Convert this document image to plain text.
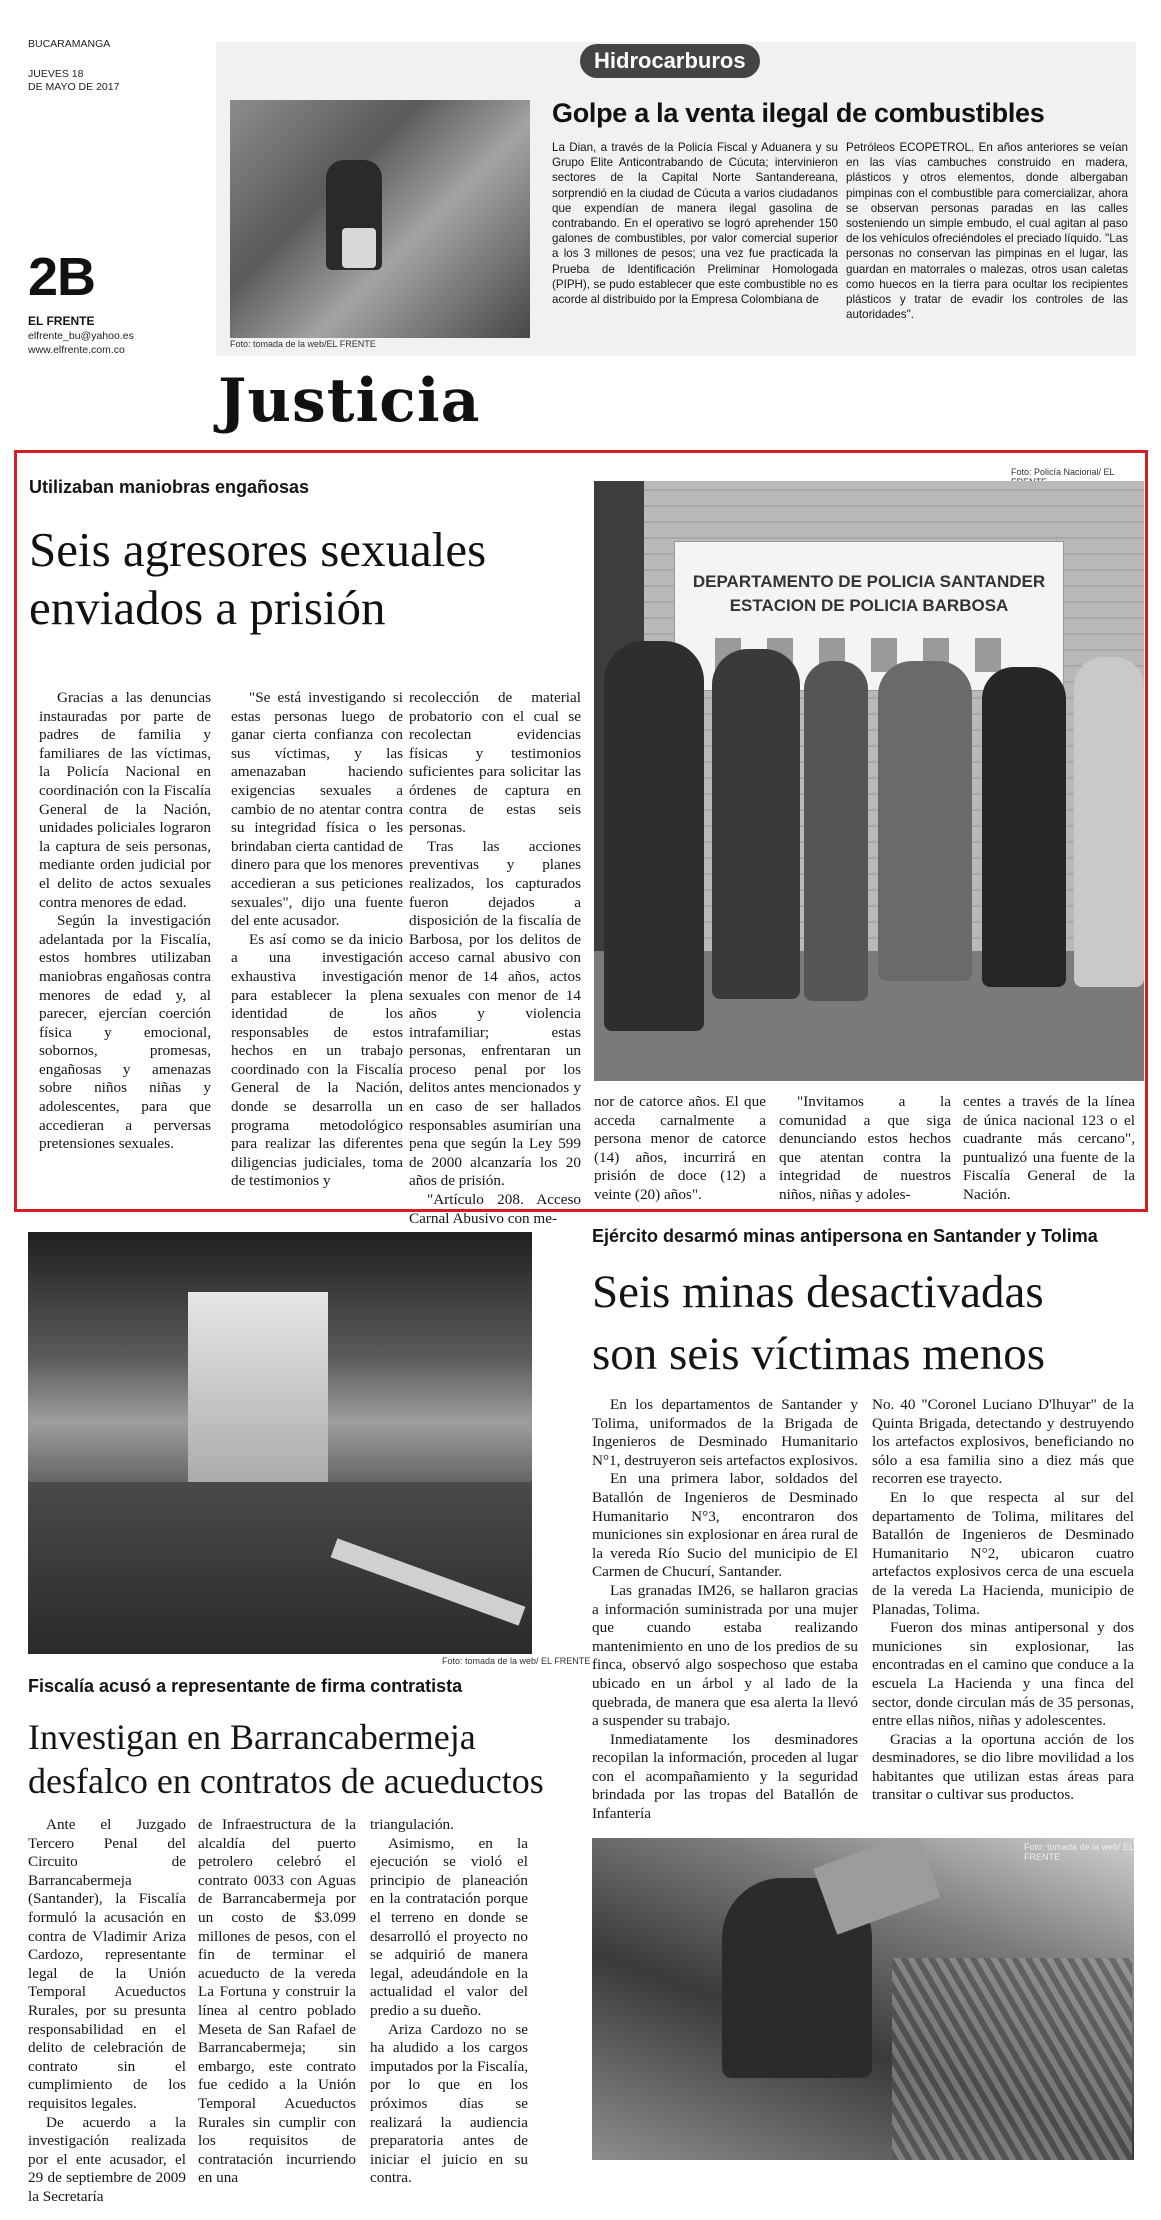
BUCARAMANGA
JUEVES 18
DE MAYO DE 2017
2B
EL FRENTE
elfrente_bu@yahoo.es
www.elfrente.com.co
Hidrocarburos
Foto: tomada de la web/EL FRENTE
Golpe a la venta ilegal de combustibles
La Dian, a través de la Policía Fiscal y Aduanera y su Grupo Elite Anticontrabando de Cúcuta; intervinieron sectores de la Capital Norte Santandereana, sorprendió en la ciudad de Cúcuta a varios ciudadanos que expendían de manera ilegal gasolina de contrabando. En el operativo se logró aprehender 150 galones de combustibles, por valor comercial superior a los 3 millones de pesos; una vez fue practicada la Prueba de Identificación Preliminar Homologada (PIPH), se pudo establecer que este combustible no es acorde al distribuido por la Empresa Colombiana de
Petróleos ECOPETROL. En años anteriores se veían en las vías cambuches construido en madera, plásticos y otros elementos, donde albergaban pimpinas con el combustible para comercializar, ahora se observan personas paradas en las calles sosteniendo un simple embudo, el cual agitan al paso de los vehículos ofreciéndoles el preciado líquido. "Las personas no conservan las pimpinas en el lugar, las guardan en matorrales o malezas, otros usan caletas como huecos en la tierra para ocultar los recipientes plásticos y tratar de evadir los controles de las autoridades".
Justicia
Utilizaban maniobras engañosas
Seis agresores sexuales
enviados a prisión
Foto: Policía Nacional/ EL
DEPARTAMENTO DE POLICIA SANTANDER
ESTACION DE POLICIA BARBOSA

Gracias a las denuncias instauradas por parte de padres de familia y familiares de las víctimas, la Policía Nacional en coordinación con la Fiscalía General de la Nación, unidades policiales lograron la captura de seis personas, mediante orden judicial por el delito de actos sexuales contra menores de edad.

Según la investigación adelantada por la Fiscalía, estos hombres utilizaban maniobras engañosas contra menores de edad y, al parecer, ejercían coerción física y emocional, sobornos, promesas, engañosas y amenazas sobre niños niñas y adolescentes, para que accedieran a perversas pretensiones sexuales.

"Se está investigando si estas personas luego de ganar cierta confianza con sus víctimas, y las amenazaban haciendo exigencias sexuales a cambio de no atentar contra su integridad física o les brindaban cierta cantidad de dinero para que los menores accedieran a sus peticiones sexuales", dijo una fuente del ente acusador.

Es así como se da inicio a una investigación exhaustiva investigación para establecer la plena identidad de los responsables de estos hechos en un trabajo coordinado con la Fiscalía General de la Nación, donde se desarrolla un programa metodológico para realizar las diferentes diligencias judiciales, toma de testimonios y

recolección de material probatorio con el cual se recolectan evidencias físicas y testimonios suficientes para solicitar las órdenes de captura en contra de estas seis personas.

Tras las acciones preventivas y planes realizados, los capturados fueron dejados a disposición de la fiscalía de Barbosa, por los delitos de acceso carnal abusivo con menor de 14 años, actos sexuales con menor de 14 años y violencia intrafamiliar; estas personas, enfrentaran un proceso penal por los delitos antes mencionados y en caso de ser hallados responsables asumirían una pena que según la Ley 599 de 2000 alcanzaría los 20 años de prisión.

"Artículo 208. Acceso Carnal Abusivo con me-

nor de catorce años. El que acceda carnalmente a persona menor de catorce (14) años, incurrirá en prisión de doce (12) a veinte (20) años".

"Invitamos a la comunidad a que siga denunciando estos hechos que atentan contra la integridad de nuestros niños, niñas y adoles-

centes a través de la línea de única nacional 123 o el cuadrante más cercano", puntualizó una fuente de la Fiscalía General de la Nación.

Foto: tomada de la web/ EL FRENTE
Fiscalía acusó a representante de firma contratista
Investigan en Barrancabermeja
desfalco en contratos de acueductos

Ante el Juzgado Tercero Penal del Circuito de Barrancabermeja (Santander), la Fiscalía formuló la acusación en contra de Vladimir Ariza Cardozo, representante legal de la Unión Temporal Acueductos Rurales, por su presunta responsabilidad en el delito de celebración de contrato sin el cumplimiento de los requisitos legales.

De acuerdo a la investigación realizada por el ente acusador, el 29 de septiembre de 2009 la Secretaría

de Infraestructura de la alcaldía del puerto petrolero celebró el contrato 0033 con Aguas de Barrancabermeja por un costo de $3.099 millones de pesos, con el fin de terminar el acueducto de la vereda La Fortuna y construir la línea al centro poblado Meseta de San Rafael de Barrancabermeja; sin embargo, este contrato fue cedido a la Unión Temporal Acueductos Rurales sin cumplir con los requisitos de contratación incurriendo en una

triangulación.

Asimismo, en la ejecución se violó el principio de planeación en la contratación porque el terreno en donde se desarrolló el proyecto no se adquirió de manera legal, adeudándole en la actualidad el valor del predio a su dueño.

Ariza Cardozo no se ha aludido a los cargos imputados por la Fiscalía, por lo que en los próximos días se realizará la audiencia preparatoria antes de iniciar el juicio en su contra.

Ejército desarmó minas antipersona en Santander y Tolima
Seis minas desactivadas
son seis víctimas menos

En los departamentos de Santander y Tolima, uniformados de la Brigada de Ingenieros de Desminado Humanitario N°1, destruyeron seis artefactos explosivos.

En una primera labor, soldados del Batallón de Ingenieros de Desminado Humanitario N°3, encontraron dos municiones sin explosionar en área rural de la vereda Río Sucio del municipio de El Carmen de Chucurí, Santander.

Las granadas IM26, se hallaron gracias a información suministrada por una mujer que cuando estaba realizando mantenimiento en uno de los predios de su finca, observó algo sospechoso que estaba ubicado en un árbol y al lado de la quebrada, de manera que esa alerta la llevó a suspender su trabajo.

Inmediatamente los desminadores recopilan la información, proceden al lugar con el acompañamiento y la seguridad brindada por las tropas del Batallón de Infantería

No. 40 "Coronel Luciano D'lhuyar" de la Quinta Brigada, detectando y destruyendo los artefactos explosivos, beneficiando no sólo a esa familia sino a diez más que recorren ese trayecto.

En lo que respecta al sur del departamento de Tolima, militares del Batallón de Ingenieros de Desminado Humanitario N°2, ubicaron cuatro artefactos explosivos cerca de una escuela de la vereda La Hacienda, municipio de Planadas, Tolima.

Fueron dos minas antipersonal y dos municiones sin explosionar, las encontradas en el camino que conduce a la escuela La Hacienda y una finca del sector, donde circulan más de 35 personas, entre ellas niños, niñas y adolescentes.

Gracias a la oportuna acción de los desminadores, se dio libre movilidad a los habitantes que utilizan estas áreas para transitar o cultivar sus productos.

Foto: tomada de la web/ EL FRENTE
